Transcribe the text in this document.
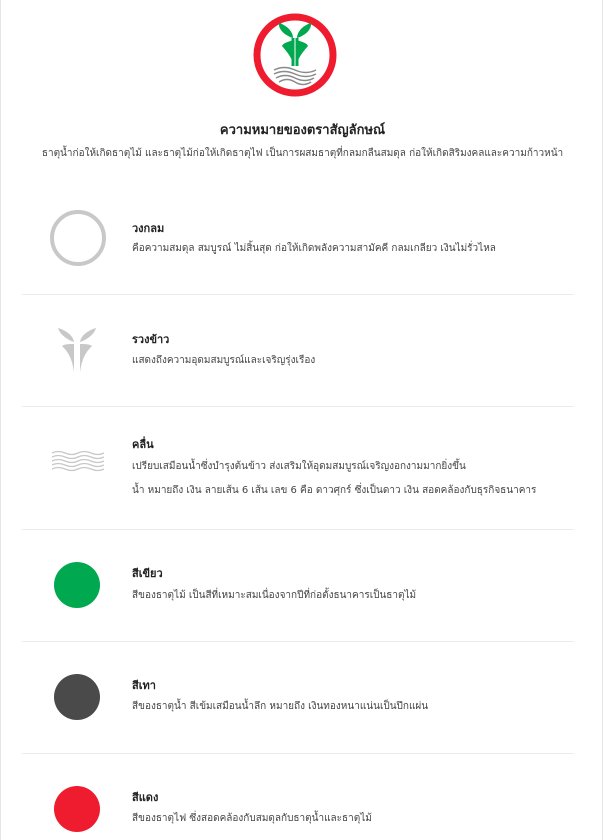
ความหมายของตราสัญลักษณ์
ธาตุน้ำก่อให้เกิดธาตุไม้ และธาตุไม้ก่อให้เกิดธาตุไฟ เป็นการผสมธาตุที่กลมกลืนสมดุล ก่อให้เกิดสิริมงคลและความก้าวหน้า
วงกลม
คือความสมดุล สมบูรณ์ ไม่สิ้นสุด ก่อให้เกิดพลังความสามัคคี กลมเกลียว เงินไม่รั่วไหล
รวงข้าว
แสดงถึงความอุดมสมบูรณ์และเจริญรุ่งเรือง
คลื่น
เปรียบเสมือนน้ำซึ่งบำรุงต้นข้าว ส่งเสริมให้อุดมสมบูรณ์เจริญงอกงามมากยิ่งขึ้น
น้ำ หมายถึง เงิน ลายเส้น 6 เส้น เลข 6 คือ ดาวศุกร์ ซึ่งเป็นดาว เงิน สอดคล้องกับธุรกิจธนาคาร
สีเขียว
สีของธาตุไม้ เป็นสีที่เหมาะสมเนื่องจากปีที่ก่อตั้งธนาคารเป็นธาตุไม้
สีเทา
สีของธาตุน้ำ สีเข้มเสมือนน้ำลึก หมายถึง เงินทองหนาแน่นเป็นปึกแผ่น
สีแดง
สีของธาตุไฟ ซึ่งสอดคล้องกับสมดุลกับธาตุน้ำและธาตุไม้
